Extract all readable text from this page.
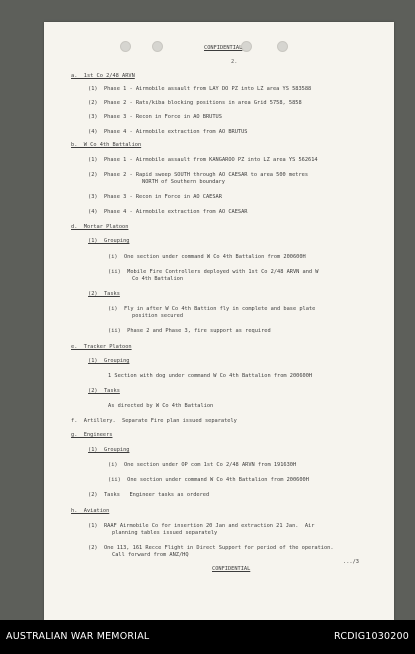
CONFIDENTIAL
2.
a.  1st Co 2/48 ARVN
(1)  Phase 1 - Airmobile assault from LAY DO PZ into LZ area YS 583588
(2)  Phase 2 - Rats/kiba blocking positions in area Grid 5758, 5858
(3)  Phase 3 - Recon in Force in AO BRUTUS
(4)  Phase 4 - Airmobile extraction from AO BRUTUS
b.  W Co 4th Battalion
(1)  Phase 1 - Airmobile assault from KANGAROO PZ into LZ area YS 562614
(2)  Phase 2 - Rapid sweep SOUTH through AO CAESAR to area 500 metres
NORTH of Southern boundary
(3)  Phase 3 - Recon in Force in AO CAESAR
(4)  Phase 4 - Airmobile extraction from AO CAESAR
d.  Mortar Platoon
(1)  Grouping
(i)  One section under command W Co 4th Battalion from 200600H
(ii)  Mobile Fire Controllers deployed with 1st Co 2/48 ARVN and W
Co 4th Battalion
(2)  Tasks
(i)  Fly in after W Co 4th Battion fly in complete and base plate
position secured
(ii)  Phase 2 and Phase 3, fire support as required
e.  Tracker Platoon
(1)  Grouping
1 Section with dog under command W Co 4th Battalion from 200600H
(2)  Tasks
As directed by W Co 4th Battalion
f.  Artillery.  Separate Fire plan issued separately
g.  Engineers
(1)  Grouping
(i)  One section under OP com 1st Co 2/48 ARVN from 191630H
(ii)  One section under command W Co 4th Battalion from 200600H
(2)  Tasks   Engineer tasks as ordered
h.  Aviation
(1)  RAAF Airmobile Co for insertion 20 Jan and extraction 21 Jan.  Air
planning tables issued separately
(2)  One 113, 161 Recce Flight in Direct Support for period of the operation.
Call forward from ANZ/HQ
CONFIDENTIAL
.../3
AUSTRALIAN WAR MEMORIAL	RCDIG1030200
